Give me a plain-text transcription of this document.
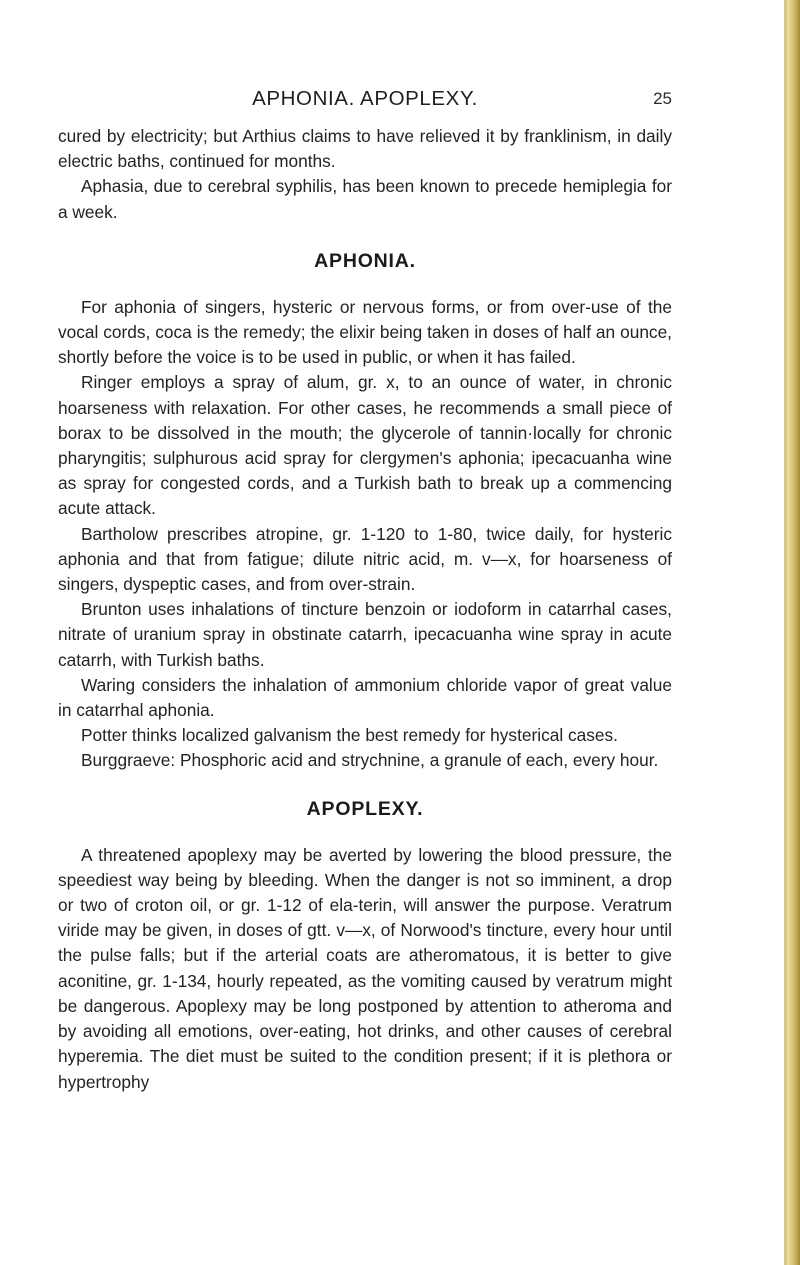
APHONIA. APOPLEXY.	25

cured by electricity; but Arthius claims to have relieved it by franklinism, in daily electric baths, continued for months.

Aphasia, due to cerebral syphilis, has been known to precede hemiplegia for a week.

APHONIA.

For aphonia of singers, hysteric or nervous forms, or from over-use of the vocal cords, coca is the remedy; the elixir being taken in doses of half an ounce, shortly before the voice is to be used in public, or when it has failed.

Ringer employs a spray of alum, gr. x, to an ounce of water, in chronic hoarseness with relaxation. For other cases, he recommends a small piece of borax to be dissolved in the mouth; the glycerole of tannin·locally for chronic pharyngitis; sulphurous acid spray for clergymen's aphonia; ipecacuanha wine as spray for congested cords, and a Turkish bath to break up a commencing acute attack.

Bartholow prescribes atropine, gr. 1-120 to 1-80, twice daily, for hysteric aphonia and that from fatigue; dilute nitric acid, m. v—x, for hoarseness of singers, dyspeptic cases, and from over-strain.

Brunton uses inhalations of tincture benzoin or iodoform in catarrhal cases, nitrate of uranium spray in obstinate catarrh, ipecacuanha wine spray in acute catarrh, with Turkish baths.

Waring considers the inhalation of ammonium chloride vapor of great value in catarrhal aphonia.

Potter thinks localized galvanism the best remedy for hysterical cases.

Burggraeve: Phosphoric acid and strychnine, a granule of each, every hour.

APOPLEXY.

A threatened apoplexy may be averted by lowering the blood pressure, the speediest way being by bleeding. When the danger is not so imminent, a drop or two of croton oil, or gr. 1-12 of ela-terin, will answer the purpose. Veratrum viride may be given, in doses of gtt. v—x, of Norwood's tincture, every hour until the pulse falls; but if the arterial coats are atheromatous, it is better to give aconitine, gr. 1-134, hourly repeated, as the vomiting caused by veratrum might be dangerous. Apoplexy may be long postponed by attention to atheroma and by avoiding all emotions, over-eating, hot drinks, and other causes of cerebral hyperemia. The diet must be suited to the condition present; if it is plethora or hypertrophy
